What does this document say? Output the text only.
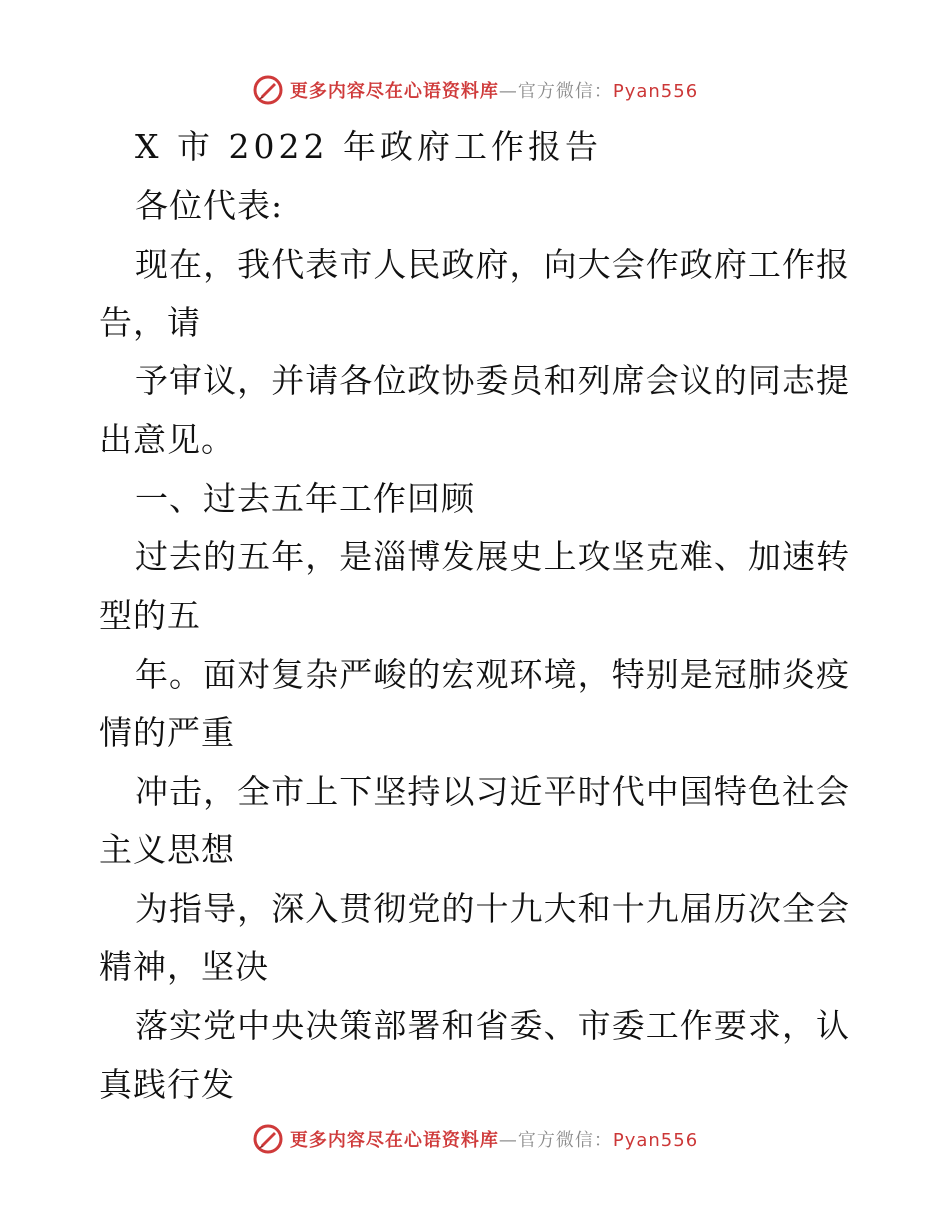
更多内容尽在心语资料库—官方微信：Pyan556
X 市 2022 年政府工作报告
各位代表:
现在，我代表市人民政府，向大会作政府工作报
告，请
予审议，并请各位政协委员和列席会议的同志提
出意见。
一、过去五年工作回顾
过去的五年，是淄博发展史上攻坚克难、加速转
型的五
年。面对复杂严峻的宏观环境，特别是冠肺炎疫
情的严重
冲击，全市上下坚持以习近平时代中国特色社会
主义思想
为指导，深入贯彻党的十九大和十九届历次全会
精神，坚决
落实党中央决策部署和省委、市委工作要求，认
真践行发
更多内容尽在心语资料库—官方微信：Pyan556
